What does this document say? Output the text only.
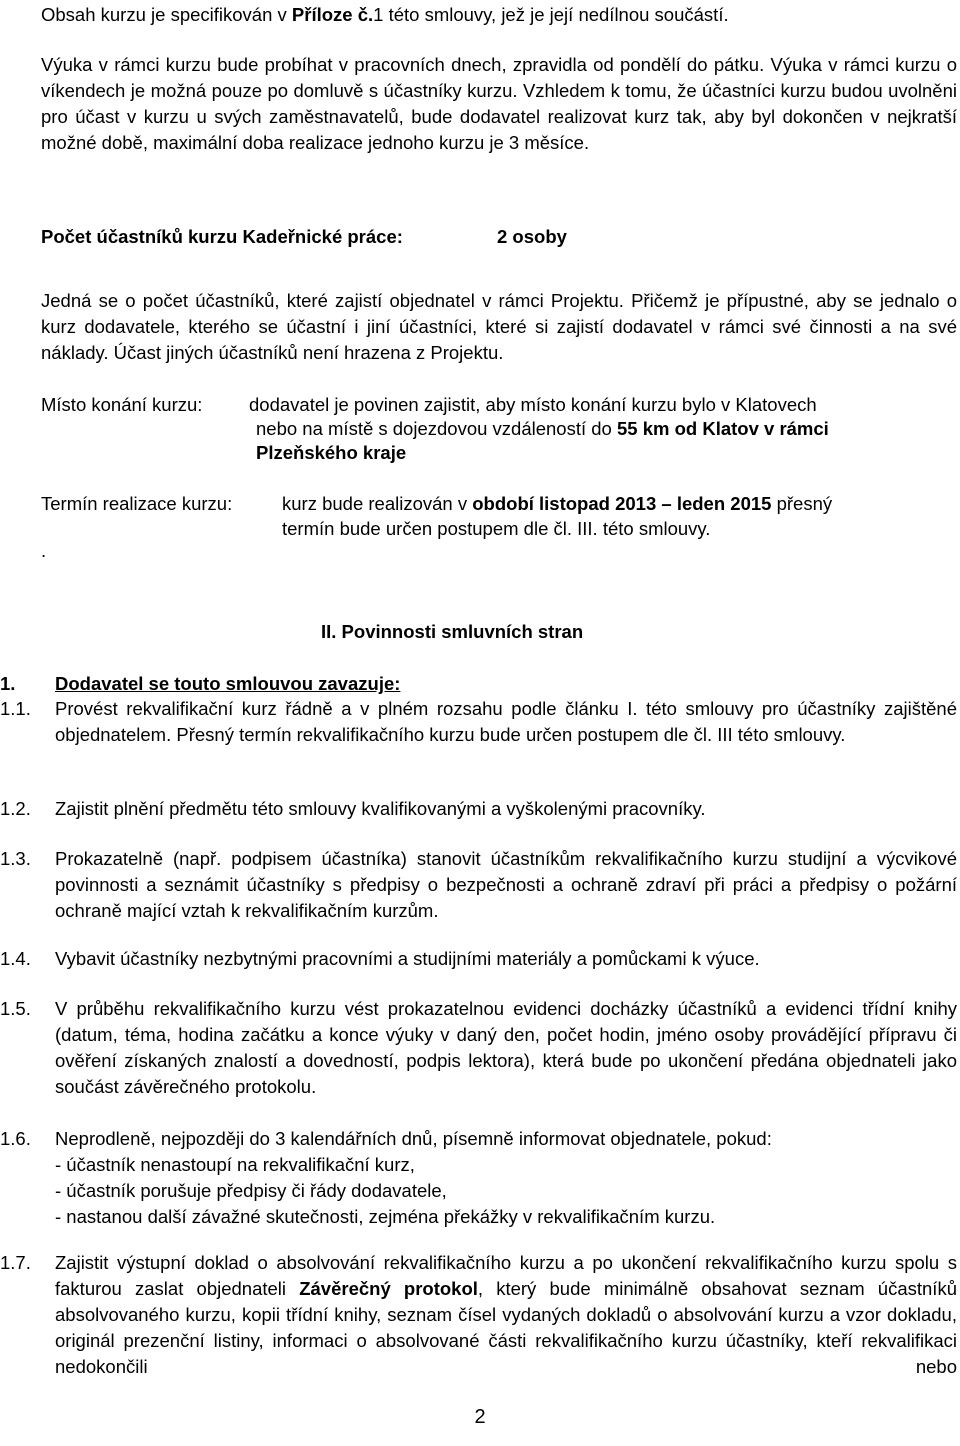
Obsah kurzu je specifikován v Příloze č.1 této smlouvy, jež je její nedílnou součástí.

Výuka v rámci kurzu bude probíhat v pracovních dnech, zpravidla od pondělí do pátku. Výuka v rámci kurzu o víkendech je možná pouze po domluvě s účastníky kurzu. Vzhledem k tomu, že účastníci kurzu budou uvolněni pro účast v kurzu u svých zaměstnavatelů, bude dodavatel realizovat kurz tak, aby byl dokončen v nejkratší možné době, maximální doba realizace jednoho kurzu je 3 měsíce.

Počet účastníků kurzu Kadeřnické práce:	2 osoby

Jedná se o počet účastníků, které zajistí objednatel v rámci Projektu. Přičemž je přípustné, aby se jednalo o kurz dodavatele, kterého se účastní i jiní účastníci, které si zajistí dodavatel v rámci své činnosti a na své náklady. Účast jiných účastníků není hrazena z Projektu.

Místo konání kurzu:	dodavatel je povinen zajistit, aby místo konání kurzu bylo v Klatovech

nebo na místě s dojezdovou vzdáleností do 55 km od Klatov v rámci

Plzeňského kraje

Termín realizace kurzu:	kurz bude realizován v období listopad 2013 – leden 2015 přesný

termín bude určen postupem dle čl. III. této smlouvy.

.

II. Povinnosti smluvních stran

1. Dodavatel se touto smlouvou zavazuje:

1.1. Provést rekvalifikační kurz řádně a v plném rozsahu podle článku I. této smlouvy pro účastníky zajištěné objednatelem. Přesný termín rekvalifikačního kurzu bude určen postupem dle čl. III této smlouvy.

1.2. Zajistit plnění předmětu této smlouvy kvalifikovanými a vyškolenými pracovníky.

1.3. Prokazatelně (např. podpisem účastníka) stanovit účastníkům rekvalifikačního kurzu studijní a výcvikové povinnosti a seznámit účastníky s předpisy o bezpečnosti a ochraně zdraví při práci a předpisy o požární ochraně mající vztah k rekvalifikačním kurzům.

1.4. Vybavit účastníky nezbytnými pracovními a studijními materiály a pomůckami k výuce.

1.5. V průběhu rekvalifikačního kurzu vést prokazatelnou evidenci docházky účastníků a evidenci třídní knihy (datum, téma, hodina začátku a konce výuky v daný den, počet hodin, jméno osoby provádějící přípravu či ověření získaných znalostí a dovedností, podpis lektora), která bude po ukončení předána objednateli jako součást závěrečného protokolu.

1.6. Neprodleně, nejpozději do 3 kalendářních dnů, písemně informovat objednatele, pokud:

- účastník nenastoupí na rekvalifikační kurz,
- účastník porušuje předpisy či řády dodavatele,
- nastanou další závažné skutečnosti, zejména překážky v rekvalifikačním kurzu.

1.7. Zajistit výstupní doklad o absolvování rekvalifikačního kurzu a po ukončení rekvalifikačního kurzu spolu s fakturou zaslat objednateli Závěrečný protokol, který bude minimálně obsahovat seznam účastníků absolvovaného kurzu, kopii třídní knihy, seznam čísel vydaných dokladů o absolvování kurzu a vzor dokladu, originál prezenční listiny, informaci o absolvované části rekvalifikačního kurzu účastníky, kteří rekvalifikaci nedokončili nebo

2
